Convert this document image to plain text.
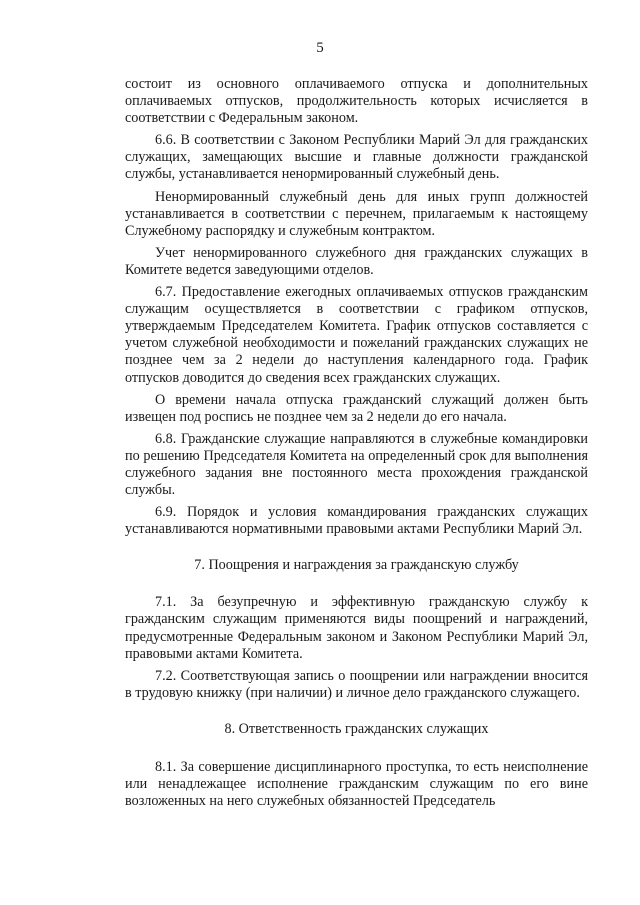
5

состоит из основного оплачиваемого отпуска и дополнительных оплачиваемых отпусков, продолжительность которых исчисляется в соответствии с Федеральным законом.

6.6. В соответствии с Законом Республики Марий Эл для гражданских служащих, замещающих высшие и главные должности гражданской службы, устанавливается ненормированный служебный день.

Ненормированный служебный день для иных групп должностей устанавливается в соответствии с перечнем, прилагаемым к настоящему Служебному распорядку и служебным контрактом.

Учет ненормированного служебного дня гражданских служащих в Комитете ведется заведующими отделов.

6.7. Предоставление ежегодных оплачиваемых отпусков гражданским служащим осуществляется в соответствии с графиком отпусков, утверждаемым Председателем Комитета. График отпусков составляется с учетом служебной необходимости и пожеланий гражданских служащих не позднее чем за 2 недели до наступления календарного года. График отпусков доводится до сведения всех гражданских служащих.

О времени начала отпуска гражданский служащий должен быть извещен под роспись не позднее чем за 2 недели до его начала.

6.8. Гражданские служащие направляются в служебные командировки по решению Председателя Комитета на определенный срок для выполнения служебного задания вне постоянного места прохождения гражданской службы.

6.9. Порядок и условия командирования гражданских служащих устанавливаются нормативными правовыми актами Республики Марий Эл.

7. Поощрения и награждения за гражданскую службу

7.1. За безупречную и эффективную гражданскую службу к гражданским служащим применяются виды поощрений и награждений, предусмотренные Федеральным законом и Законом Республики Марий Эл, правовыми актами Комитета.

7.2. Соответствующая запись о поощрении или награждении вносится в трудовую книжку (при наличии) и личное дело гражданского служащего.

8. Ответственность гражданских служащих

8.1. За совершение дисциплинарного проступка, то есть неисполнение или ненадлежащее исполнение гражданским служащим по его вине возложенных на него служебных обязанностей Председатель
